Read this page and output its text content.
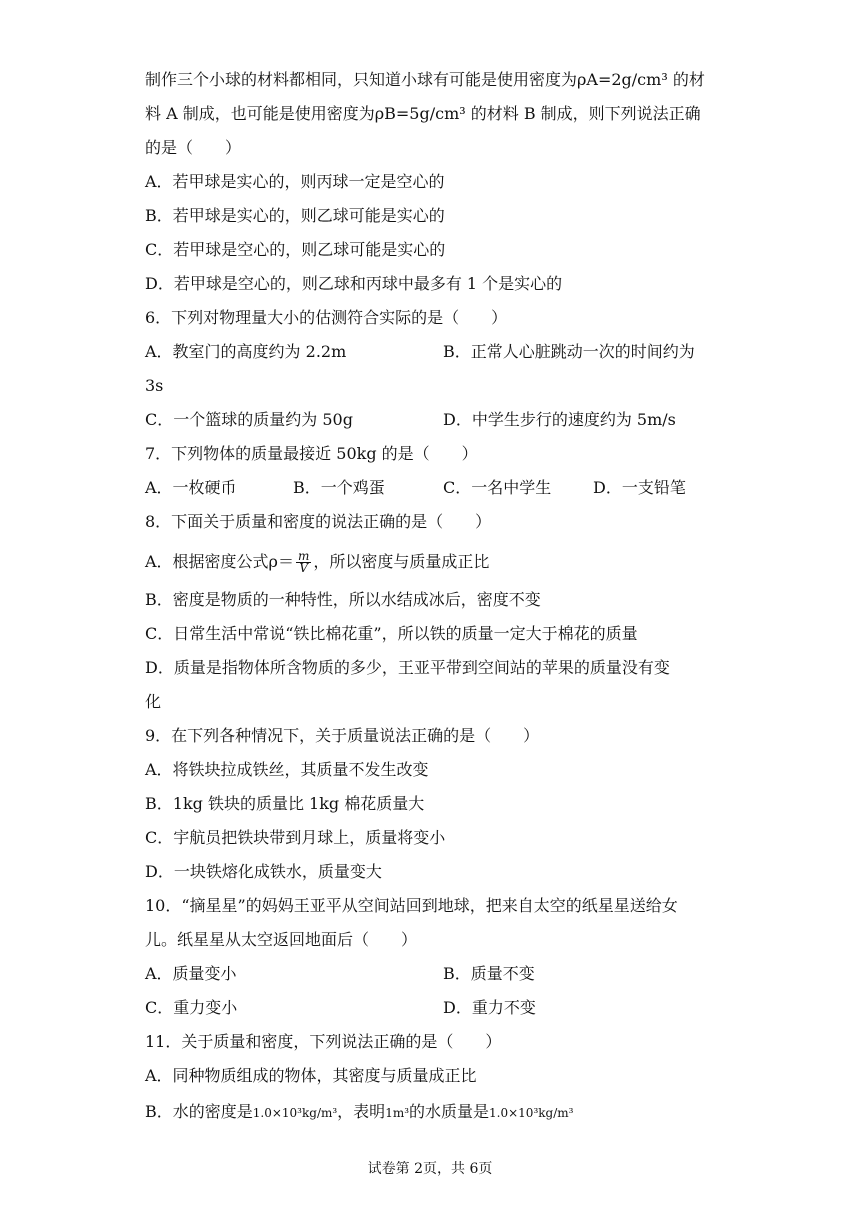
制作三个小球的材料都相同，只知道小球有可能是使用密度为ρA=2g/cm³ 的材
料 A 制成，也可能是使用密度为ρB=5g/cm³ 的材料 B 制成，则下列说法正确
的是（　　）
A．若甲球是实心的，则丙球一定是空心的
B．若甲球是实心的，则乙球可能是实心的
C．若甲球是空心的，则乙球可能是实心的
D．若甲球是空心的，则乙球和丙球中最多有 1 个是实心的
6．下列对物理量大小的估测符合实际的是（　　）
A．教室门的高度约为 2.2m	B．正常人心脏跳动一次的时间约为
3s
C．一个篮球的质量约为 50g	D．中学生步行的速度约为 5m/s
7．下列物体的质量最接近 50kg 的是（　　）
A．一枚硬币	B．一个鸡蛋	C．一名中学生	D．一支铅笔
8．下面关于质量和密度的说法正确的是（　　）
A．根据密度公式$\rho= \frac{m}{V}$ ，所以密度与质量成正比
B．密度是物质的一种特性，所以水结成冰后，密度不变
C．日常生活中常说“铁比棉花重”，所以铁的质量一定大于棉花的质量
D．质量是指物体所含物质的多少，王亚平带到空间站的苹果的质量没有变
化
9．在下列各种情况下，关于质量说法正确的是（　　）
A．将铁块拉成铁丝，其质量不发生改变
B．1kg 铁块的质量比 1kg 棉花质量大
C．宇航员把铁块带到月球上，质量将变小
D．一块铁熔化成铁水，质量变大
10．“摘星星”的妈妈王亚平从空间站回到地球，把来自太空的纸星星送给女
儿。纸星星从太空返回地面后（　　）
A．质量变小	B．质量不变
C．重力变小	D．重力不变
11．关于质量和密度，下列说法正确的是（　　）
A．同种物质组成的物体，其密度与质量成正比
B．水的密度是1.0×10³kg/m³，表明1m³的水质量是1.0×10³kg/m³
试卷第 2页，共 6页
